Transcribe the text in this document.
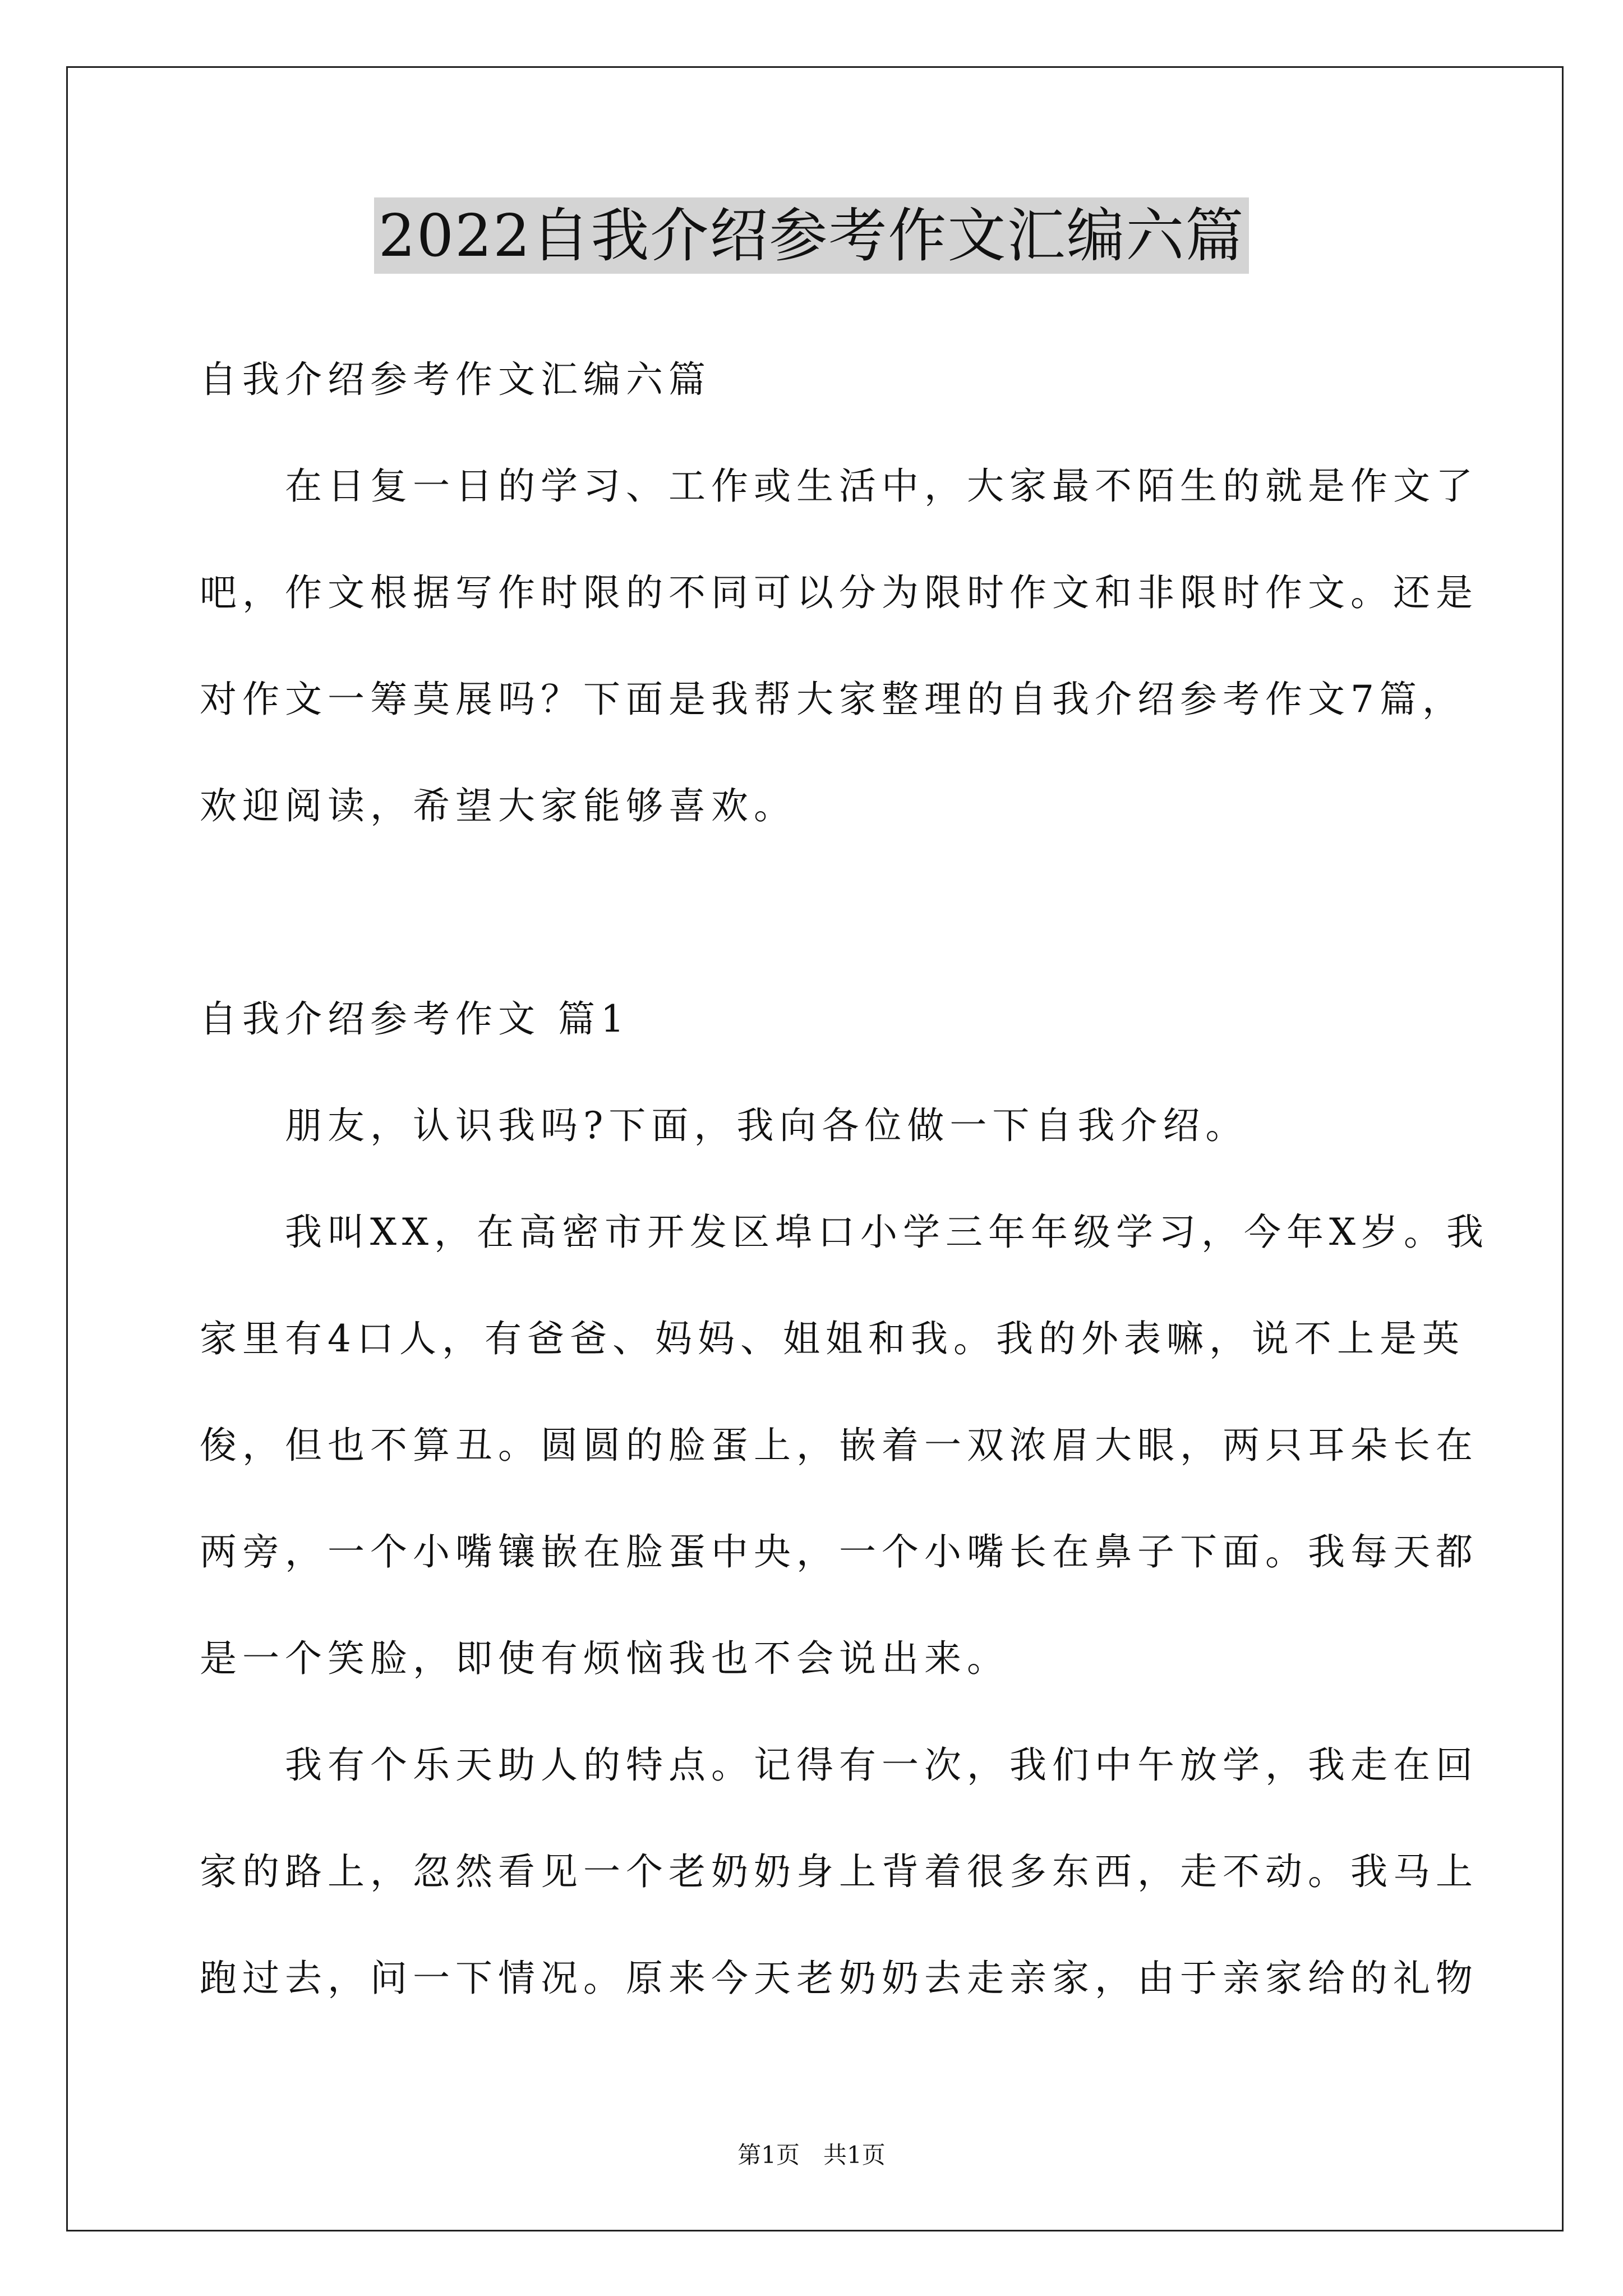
2022自我介绍参考作文汇编六篇
自我介绍参考作文汇编六篇
　　在日复一日的学习、工作或生活中，大家最不陌生的就是作文了
吧，作文根据写作时限的不同可以分为限时作文和非限时作文。还是
对作文一筹莫展吗？下面是我帮大家整理的自我介绍参考作文7篇，
欢迎阅读，希望大家能够喜欢。
自我介绍参考作文 篇1
　　朋友，认识我吗?下面，我向各位做一下自我介绍。
　　我叫XX，在高密市开发区埠口小学三年年级学习，今年X岁。我
家里有4口人，有爸爸、妈妈、姐姐和我。我的外表嘛，说不上是英
俊，但也不算丑。圆圆的脸蛋上，嵌着一双浓眉大眼，两只耳朵长在
两旁，一个小嘴镶嵌在脸蛋中央，一个小嘴长在鼻子下面。我每天都
是一个笑脸，即使有烦恼我也不会说出来。
　　我有个乐天助人的特点。记得有一次，我们中午放学，我走在回
家的路上，忽然看见一个老奶奶身上背着很多东西，走不动。我马上
跑过去，问一下情况。原来今天老奶奶去走亲家，由于亲家给的礼物
第1页　共1页
